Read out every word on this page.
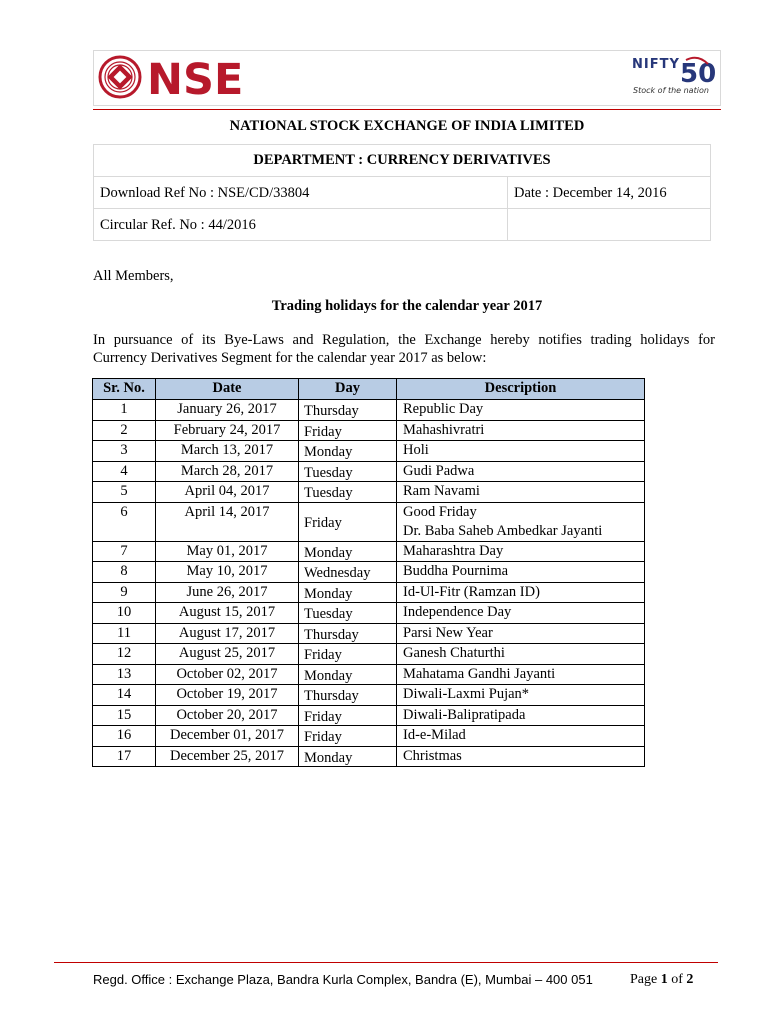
NSE	NIFTY 50
Stock of the nation
NATIONAL STOCK EXCHANGE OF INDIA LIMITED
DEPARTMENT : CURRENCY DERIVATIVES
Download Ref No : NSE/CD/33804	Date : December 14, 2016
Circular Ref. No : 44/2016
All Members,
Trading holidays for the calendar year 2017
In pursuance of its Bye-Laws and Regulation, the Exchange hereby notifies trading holidays for
Currency Derivatives Segment for the calendar year 2017 as below:
Sr. No.	Date	Day	Description
1	January 26, 2017	Thursday	Republic Day
2	February 24, 2017	Friday	Mahashivratri
3	March 13, 2017	Monday	Holi
4	March 28, 2017	Tuesday	Gudi Padwa
5	April 04, 2017	Tuesday	Ram Navami
6	April 14, 2017	Friday	Good Friday
Dr. Baba Saheb Ambedkar Jayanti
7	May 01, 2017	Monday	Maharashtra Day
8	May 10, 2017	Wednesday	Buddha Pournima
9	June 26, 2017	Monday	Id-Ul-Fitr (Ramzan ID)
10	August 15, 2017	Tuesday	Independence Day
11	August 17, 2017	Thursday	Parsi New Year
12	August 25, 2017	Friday	Ganesh Chaturthi
13	October 02, 2017	Monday	Mahatama Gandhi Jayanti
14	October 19, 2017	Thursday	Diwali-Laxmi Pujan*
15	October 20, 2017	Friday	Diwali-Balipratipada
16	December 01, 2017	Friday	Id-e-Milad
17	December 25, 2017	Monday	Christmas
Regd. Office : Exchange Plaza, Bandra Kurla Complex, Bandra (E), Mumbai – 400 051	Page 1 of 2
